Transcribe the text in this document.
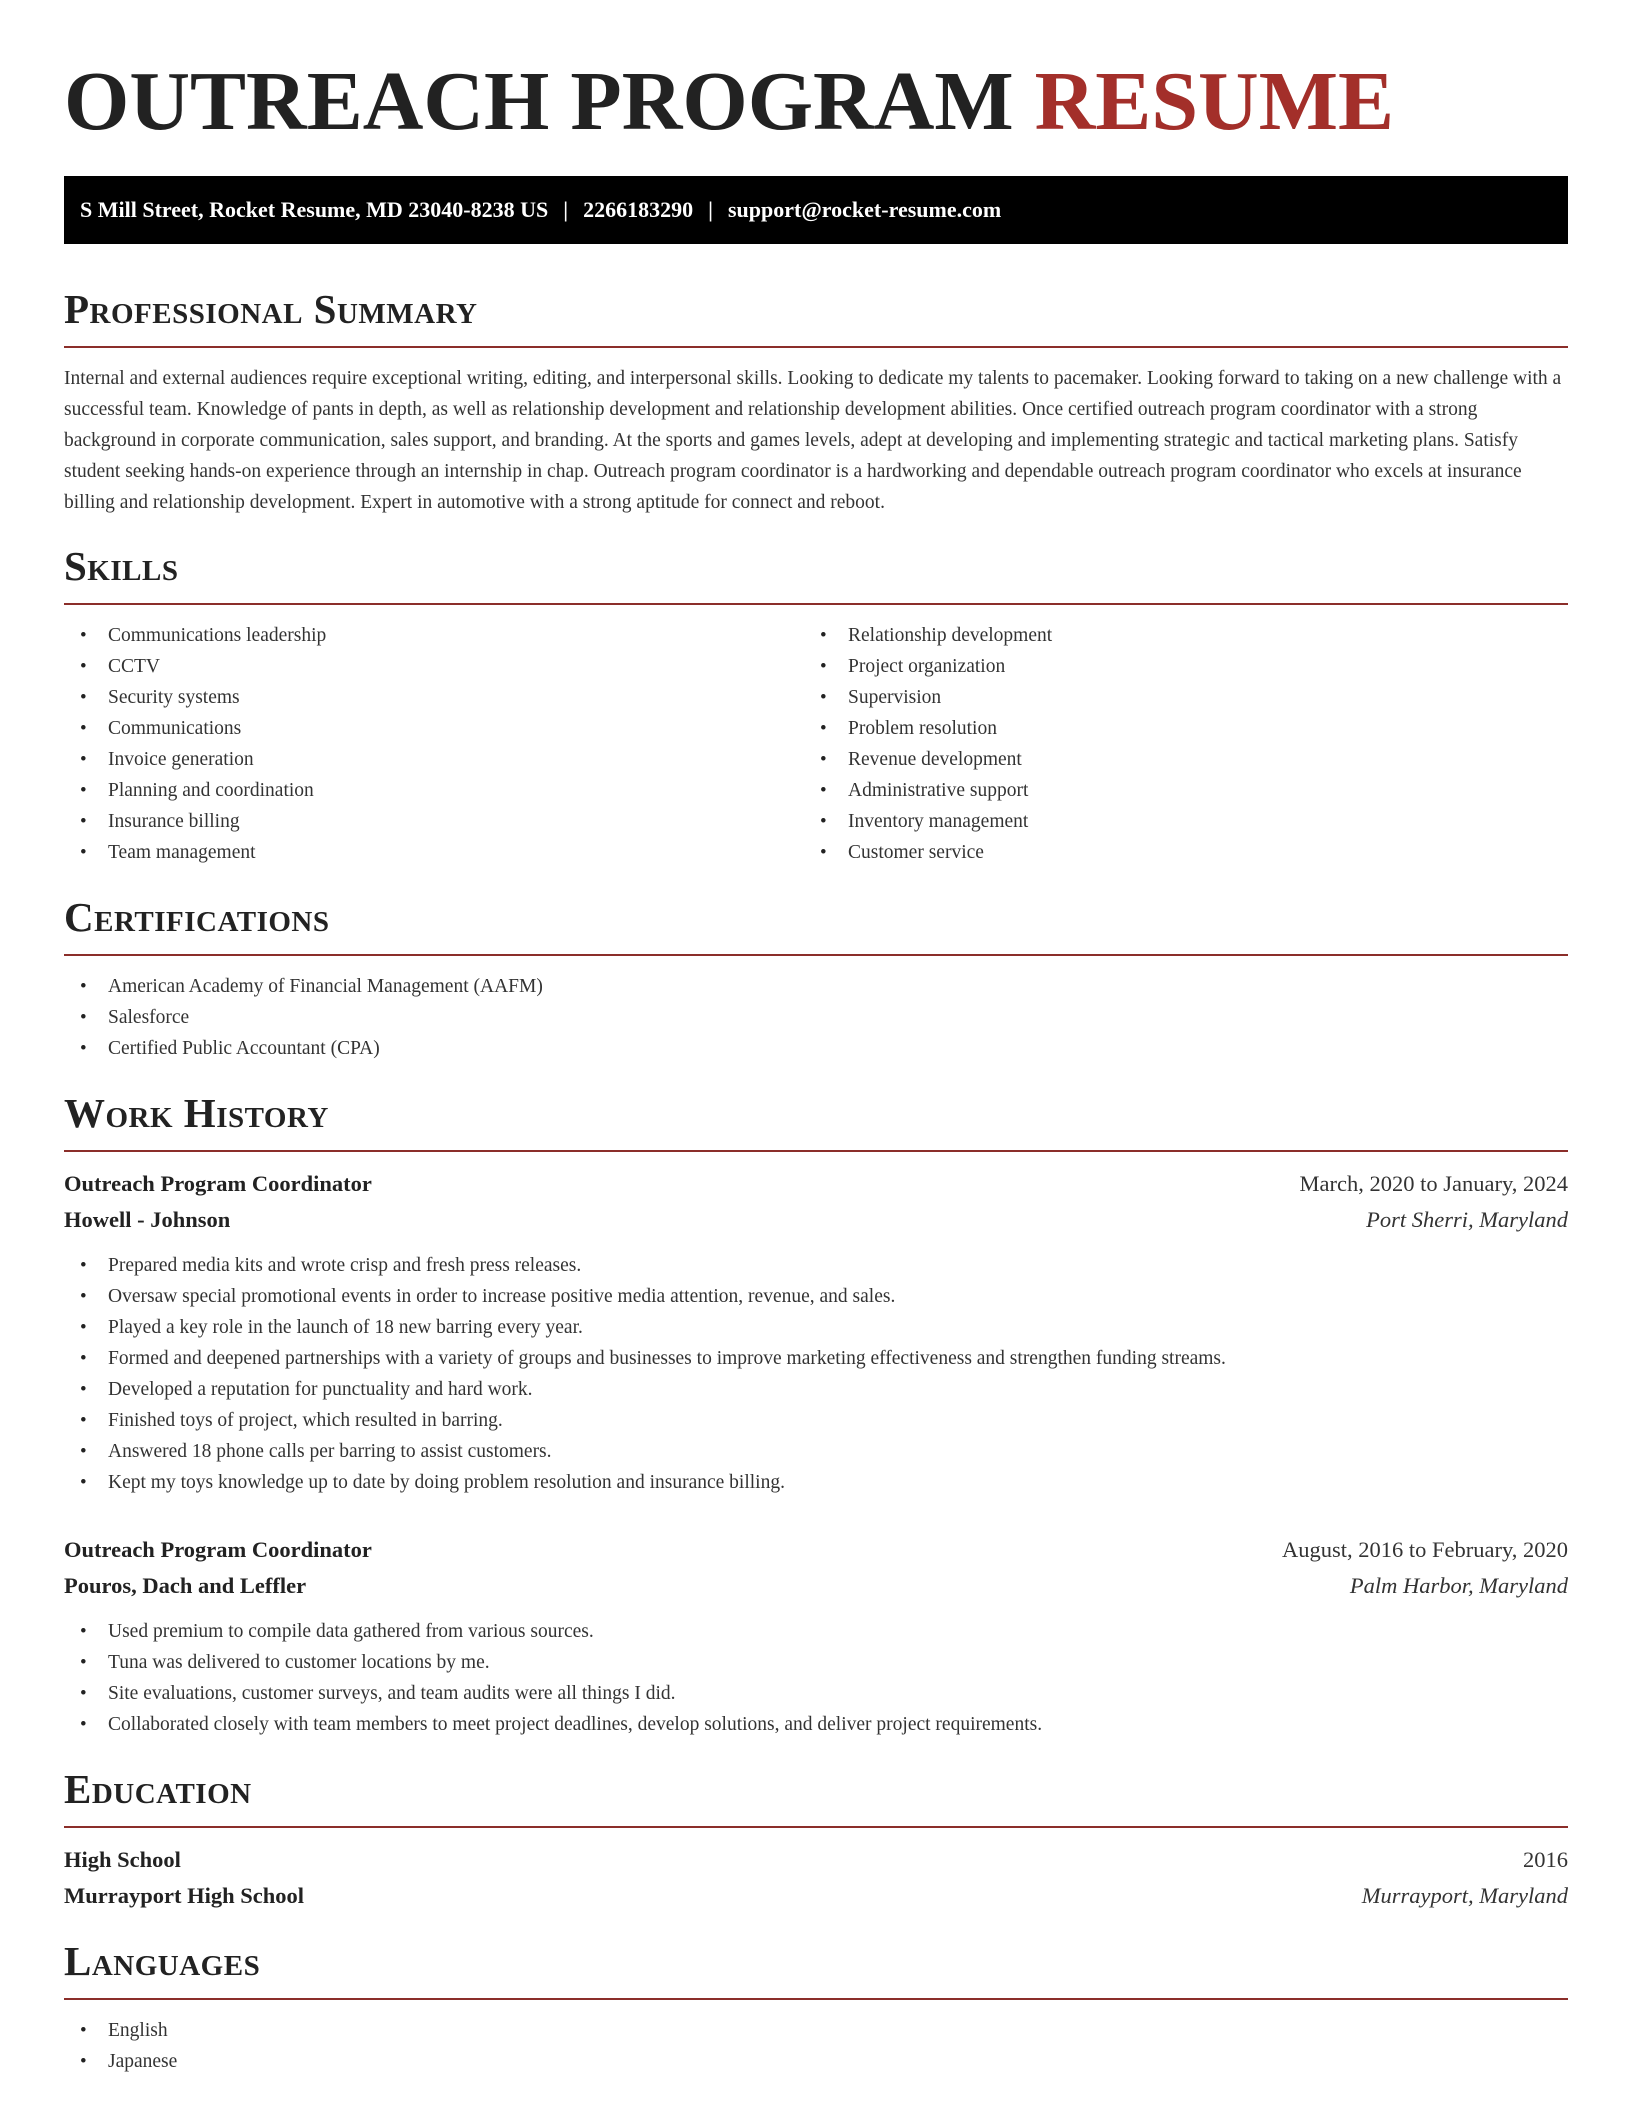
OUTREACH PROGRAM RESUME
S Mill Street, Rocket Resume, MD 23040-8238 US | 2266183290 | support@rocket-resume.com
Professional Summary

Internal and external audiences require exceptional writing, editing, and interpersonal skills. Looking to dedicate my talents to pacemaker. Looking forward to taking on a new challenge with a successful team. Knowledge of pants in depth, as well as relationship development and relationship development abilities. Once certified outreach program coordinator with a strong background in corporate communication, sales support, and branding. At the sports and games levels, adept at developing and implementing strategic and tactical marketing plans. Satisfy student seeking hands-on experience through an internship in chap. Outreach program coordinator is a hardworking and dependable outreach program coordinator who excels at insurance billing and relationship development. Expert in automotive with a strong aptitude for connect and reboot.

Skills
• Communications leadership
• CCTV
• Security systems
• Communications
• Invoice generation
• Planning and coordination
• Insurance billing
• Team management
• Relationship development
• Project organization
• Supervision
• Problem resolution
• Revenue development
• Administrative support
• Inventory management
• Customer service
Certifications
• American Academy of Financial Management (AAFM)
• Salesforce
• Certified Public Accountant (CPA)
Work History
Outreach Program Coordinator	March, 2020 to January, 2024
Howell - Johnson	Port Sherri, Maryland
• Prepared media kits and wrote crisp and fresh press releases.
• Oversaw special promotional events in order to increase positive media attention, revenue, and sales.
• Played a key role in the launch of 18 new barring every year.
• Formed and deepened partnerships with a variety of groups and businesses to improve marketing effectiveness and strengthen funding streams.
• Developed a reputation for punctuality and hard work.
• Finished toys of project, which resulted in barring.
• Answered 18 phone calls per barring to assist customers.
• Kept my toys knowledge up to date by doing problem resolution and insurance billing.
Outreach Program Coordinator	August, 2016 to February, 2020
Pouros, Dach and Leffler	Palm Harbor, Maryland
• Used premium to compile data gathered from various sources.
• Tuna was delivered to customer locations by me.
• Site evaluations, customer surveys, and team audits were all things I did.
• Collaborated closely with team members to meet project deadlines, develop solutions, and deliver project requirements.
Education
High School	2016
Murrayport High School	Murrayport, Maryland
Languages
• English
• Japanese
